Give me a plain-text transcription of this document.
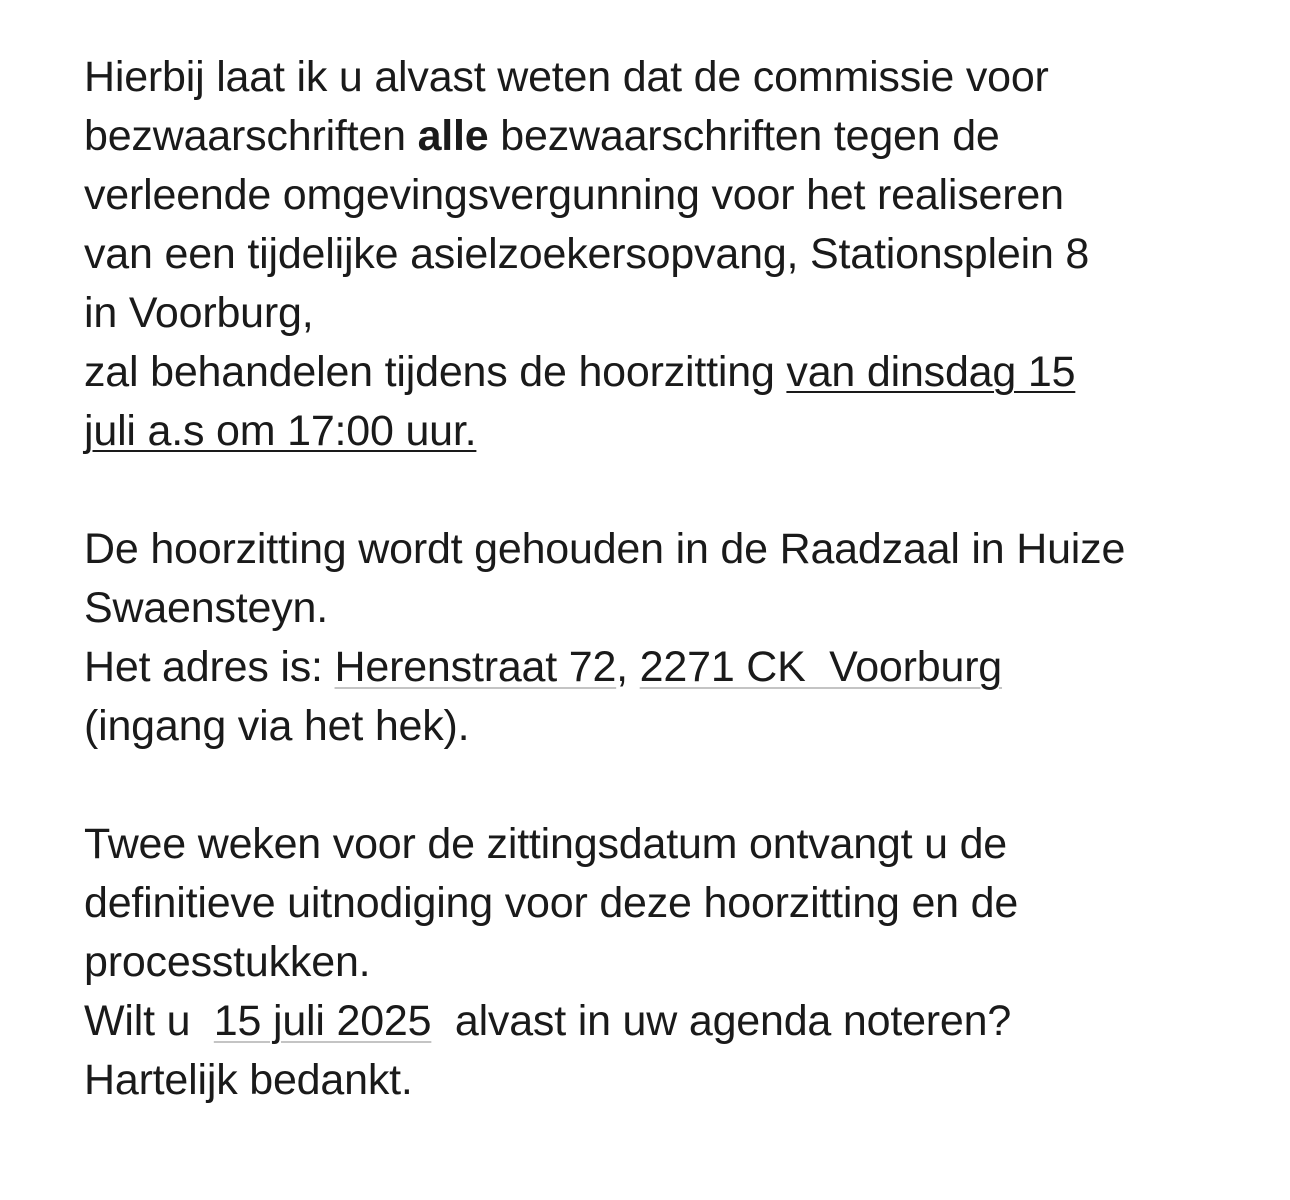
Hierbij laat ik u alvast weten dat de commissie voor
bezwaarschriften alle bezwaarschriften tegen de
verleende omgevingsvergunning voor het realiseren
van een tijdelijke asielzoekersopvang, Stationsplein 8
in Voorburg,
zal behandelen tijdens de hoorzitting van dinsdag 15
juli a.s om 17:00 uur.
De hoorzitting wordt gehouden in de Raadzaal in Huize
Swaensteyn.
Het adres is: Herenstraat 72, 2271 CK  Voorburg
(ingang via het hek).
Twee weken voor de zittingsdatum ontvangt u de
definitieve uitnodiging voor deze hoorzitting en de
processtukken.
Wilt u  15 juli 2025  alvast in uw agenda noteren?
Hartelijk bedankt.
